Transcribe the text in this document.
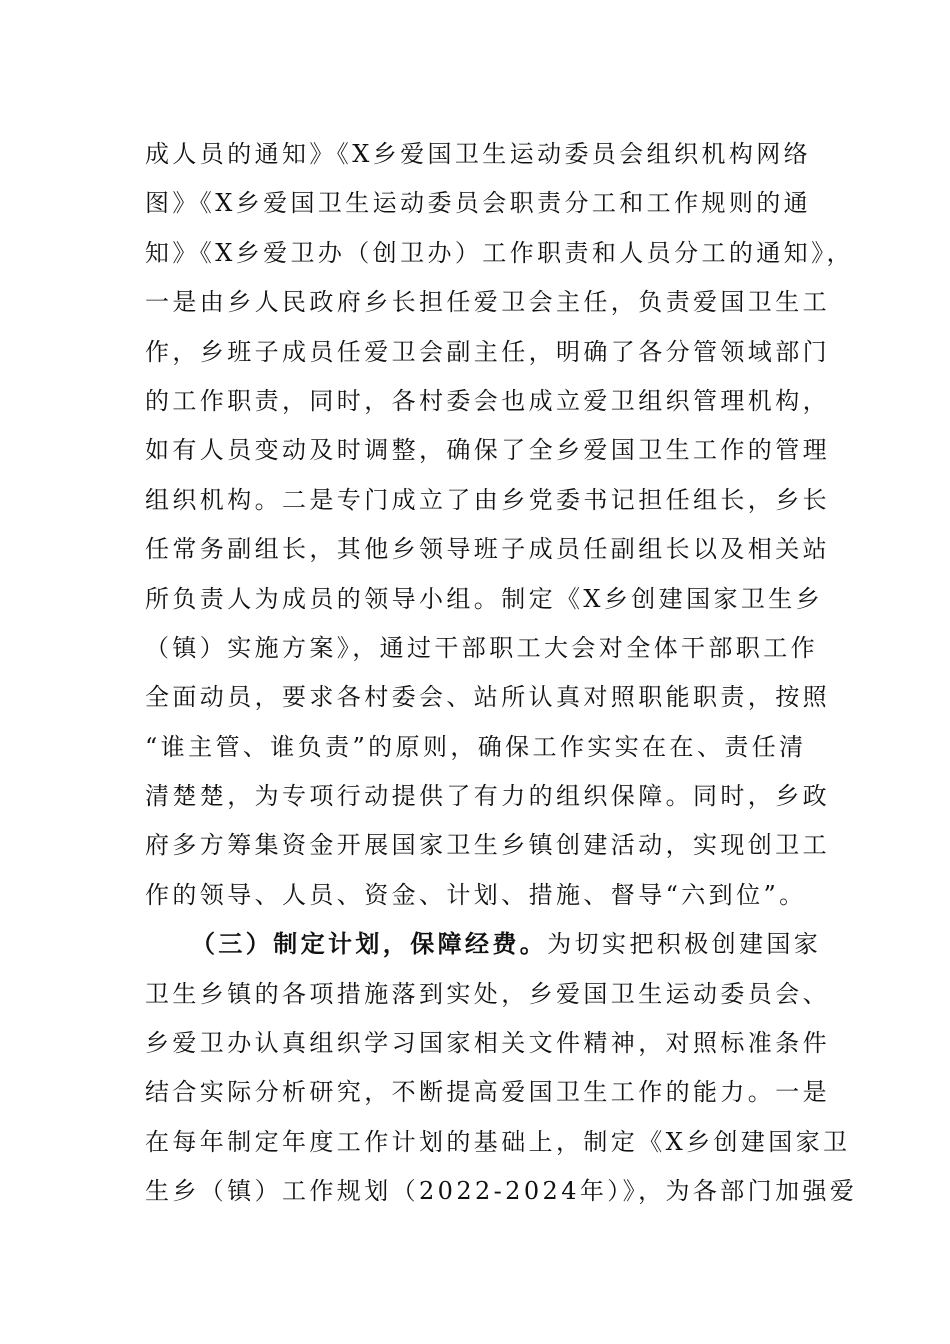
成人员的通知》《X乡爱国卫生运动委员会组织机构网络
图》《X乡爱国卫生运动委员会职责分工和工作规则的通
知》《X乡爱卫办（创卫办）工作职责和人员分工的通知》，
一是由乡人民政府乡长担任爱卫会主任，负责爱国卫生工
作，乡班子成员任爱卫会副主任，明确了各分管领域部门
的工作职责，同时，各村委会也成立爱卫组织管理机构，
如有人员变动及时调整，确保了全乡爱国卫生工作的管理
组织机构。二是专门成立了由乡党委书记担任组长，乡长
任常务副组长，其他乡领导班子成员任副组长以及相关站
所负责人为成员的领导小组。制定《X乡创建国家卫生乡
（镇）实施方案》，通过干部职工大会对全体干部职工作
全面动员，要求各村委会、站所认真对照职能职责，按照
“谁主管、谁负责”的原则，确保工作实实在在、责任清
清楚楚，为专项行动提供了有力的组织保障。同时，乡政
府多方筹集资金开展国家卫生乡镇创建活动，实现创卫工
作的领导、人员、资金、计划、措施、督导“六到位”。
（三）制定计划，保障经费。为切实把积极创建国家
卫生乡镇的各项措施落到实处，乡爱国卫生运动委员会、
乡爱卫办认真组织学习国家相关文件精神，对照标准条件
结合实际分析研究，不断提高爱国卫生工作的能力。一是
在每年制定年度工作计划的基础上，制定《X乡创建国家卫
生乡（镇）工作规划（2022-2024年）》，为各部门加强爱
